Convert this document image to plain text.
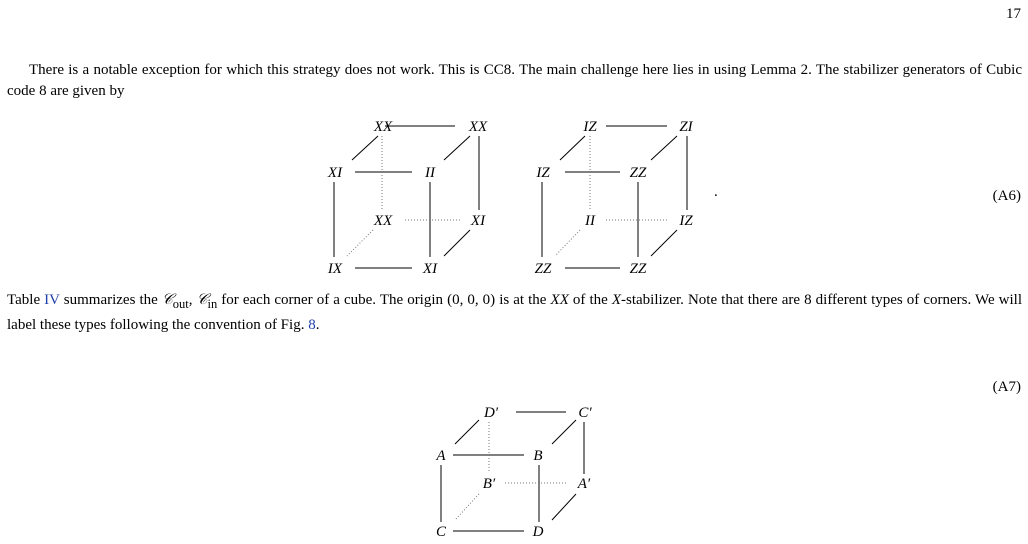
17

There is a notable exception for which this strategy does not work. This is CC8. The main challenge here lies in using Lemma 2. The stabilizer generators of Cubic code 8 are given by

XX	XX
XI	II
XX	XI
IX	XI
IZ	ZI
IZ	ZZ
II	IZ
ZZ	ZZ
D′	C′
A	B
B′	A′
C	D
.	(A6)

Table IV summarizes the 𝒞$_{out}$, 𝒞$_{in}$ for each corner of a cube. The origin (0, 0, 0) is at the XX of the X-stabilizer. Note that there are 8 different types of corners. We will label these types following the convention of Fig. 8.

(A7)
